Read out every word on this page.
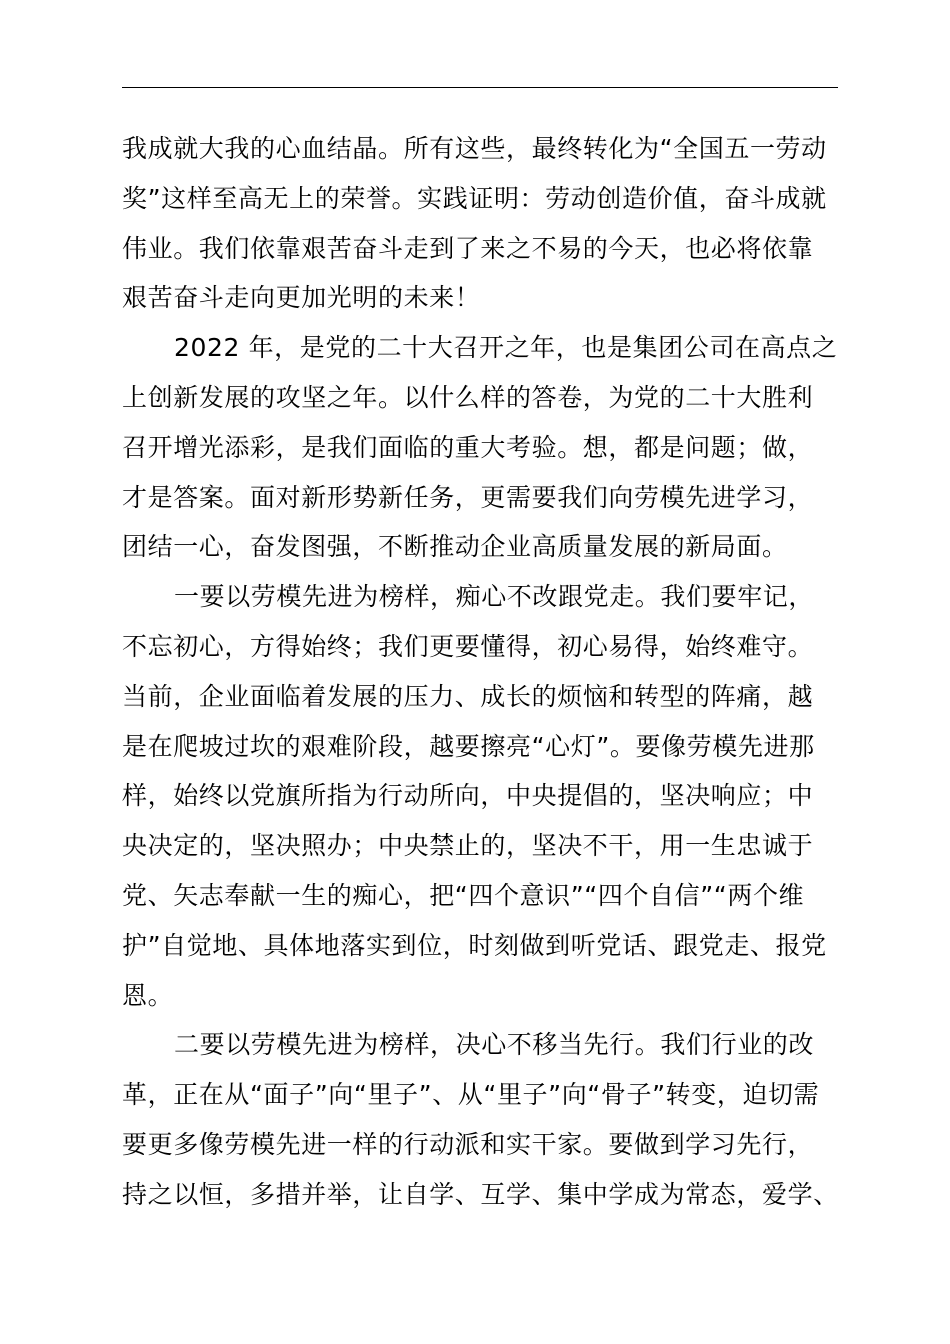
我成就大我的心血结晶。所有这些，最终转化为“全国五一劳动
奖”这样至高无上的荣誉。实践证明：劳动创造价值，奋斗成就
伟业。我们依靠艰苦奋斗走到了来之不易的今天，也必将依靠
艰苦奋斗走向更加光明的未来！
2022 年，是党的二十大召开之年，也是集团公司在高点之
上创新发展的攻坚之年。以什么样的答卷，为党的二十大胜利
召开增光添彩，是我们面临的重大考验。想，都是问题；做，
才是答案。面对新形势新任务，更需要我们向劳模先进学习，
团结一心，奋发图强，不断推动企业高质量发展的新局面。
一要以劳模先进为榜样，痴心不改跟党走。我们要牢记，
不忘初心，方得始终；我们更要懂得，初心易得，始终难守。
当前，企业面临着发展的压力、成长的烦恼和转型的阵痛，越
是在爬坡过坎的艰难阶段，越要擦亮“心灯”。要像劳模先进那
样，始终以党旗所指为行动所向，中央提倡的，坚决响应；中
央决定的，坚决照办；中央禁止的，坚决不干，用一生忠诚于
党、矢志奉献一生的痴心，把“四个意识”“四个自信”“两个维
护”自觉地、具体地落实到位，时刻做到听党话、跟党走、报党
恩。
二要以劳模先进为榜样，决心不移当先行。我们行业的改
革，正在从“面子”向“里子”、从“里子”向“骨子”转变，迫切需
要更多像劳模先进一样的行动派和实干家。要做到学习先行，
持之以恒，多措并举，让自学、互学、集中学成为常态，爱学、
